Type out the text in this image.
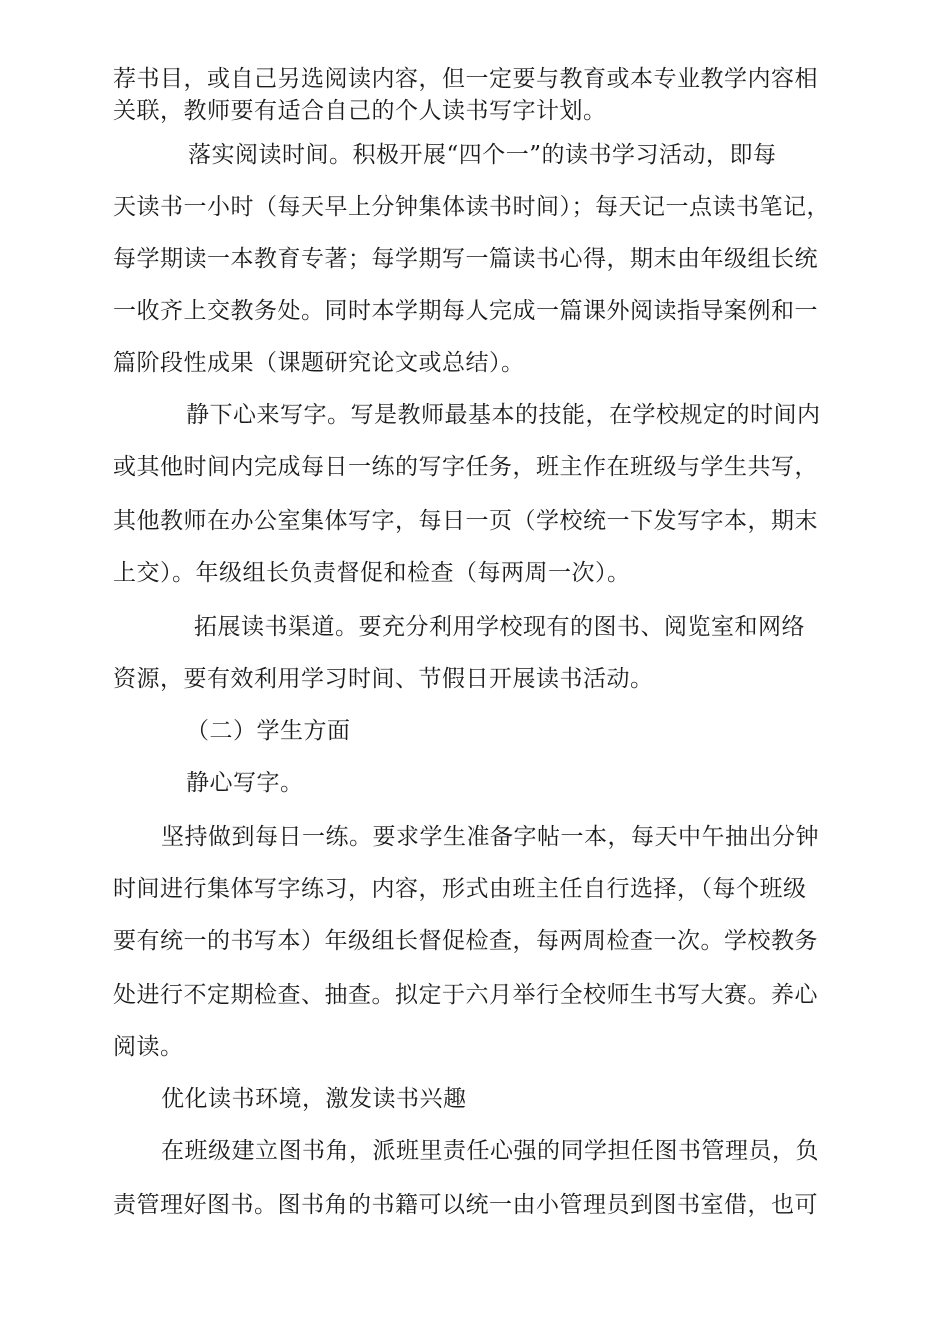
荐书目，或自己另选阅读内容，但一定要与教育或本专业教学内容相
关联，教师要有适合自己的个人读书写字计划。
落实阅读时间。积极开展“四个一”的读书学习活动，即每
天读书一小时（每天早上分钟集体读书时间）；每天记一点读书笔记，
每学期读一本教育专著；每学期写一篇读书心得，期末由年级组长统
一收齐上交教务处。同时本学期每人完成一篇课外阅读指导案例和一
篇阶段性成果（课题研究论文或总结）。
静下心来写字。写是教师最基本的技能，在学校规定的时间内
或其他时间内完成每日一练的写字任务，班主作在班级与学生共写，
其他教师在办公室集体写字，每日一页（学校统一下发写字本，期末
上交）。年级组长负责督促和检查（每两周一次）。
拓展读书渠道。要充分利用学校现有的图书、阅览室和网络
资源，要有效利用学习时间、节假日开展读书活动。
（二）学生方面
静心写字。
坚持做到每日一练。要求学生准备字帖一本，每天中午抽出分钟
时间进行集体写字练习，内容，形式由班主任自行选择，（每个班级
要有统一的书写本）年级组长督促检查，每两周检查一次。学校教务
处进行不定期检查、抽查。拟定于六月举行全校师生书写大赛。养心
阅读。
优化读书环境，激发读书兴趣
在班级建立图书角，派班里责任心强的同学担任图书管理员，负
责管理好图书。图书角的书籍可以统一由小管理员到图书室借，也可
